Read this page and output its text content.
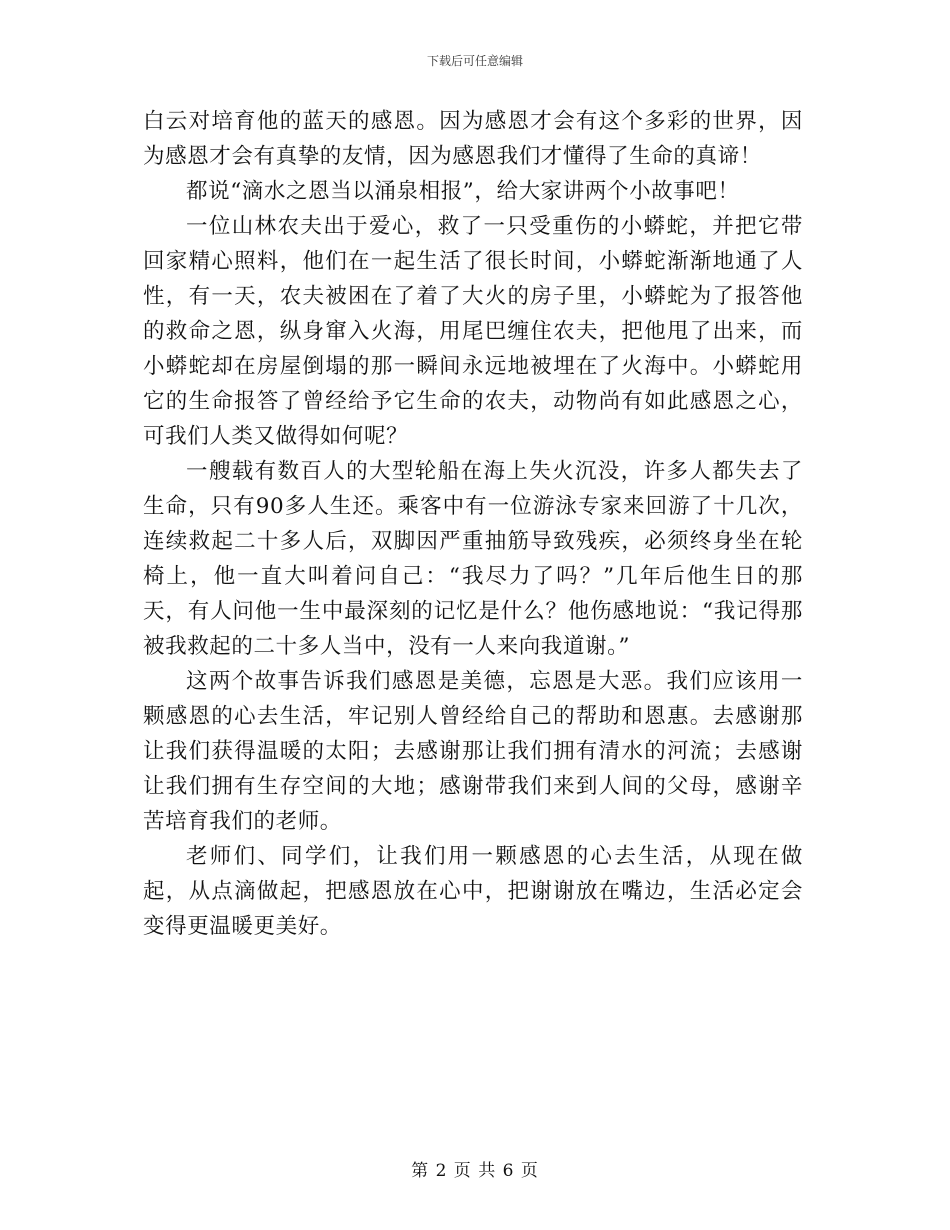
下载后可任意编辑

白云对培育他的蓝天的感恩。因为感恩才会有这个多彩的世界，因为感恩才会有真挚的友情，因为感恩我们才懂得了生命的真谛！

都说“滴水之恩当以涌泉相报”，给大家讲两个小故事吧！

一位山林农夫出于爱心，救了一只受重伤的小蟒蛇，并把它带回家精心照料，他们在一起生活了很长时间，小蟒蛇渐渐地通了人性，有一天，农夫被困在了着了大火的房子里，小蟒蛇为了报答他的救命之恩，纵身窜入火海，用尾巴缠住农夫，把他甩了出来，而小蟒蛇却在房屋倒塌的那一瞬间永远地被埋在了火海中。小蟒蛇用它的生命报答了曾经给予它生命的农夫，动物尚有如此感恩之心，可我们人类又做得如何呢？

一艘载有数百人的大型轮船在海上失火沉没，许多人都失去了生命，只有90多人生还。乘客中有一位游泳专家来回游了十几次，连续救起二十多人后，双脚因严重抽筋导致残疾，必须终身坐在轮椅上，他一直大叫着问自己：“我尽力了吗？”几年后他生日的那天，有人问他一生中最深刻的记忆是什么？他伤感地说：“我记得那被我救起的二十多人当中，没有一人来向我道谢。”

这两个故事告诉我们感恩是美德，忘恩是大恶。我们应该用一颗感恩的心去生活，牢记别人曾经给自己的帮助和恩惠。去感谢那让我们获得温暖的太阳；去感谢那让我们拥有清水的河流；去感谢让我们拥有生存空间的大地；感谢带我们来到人间的父母，感谢辛苦培育我们的老师。

老师们、同学们，让我们用一颗感恩的心去生活，从现在做起，从点滴做起，把感恩放在心中，把谢谢放在嘴边，生活必定会变得更温暖更美好。

第 2 页 共 6 页
